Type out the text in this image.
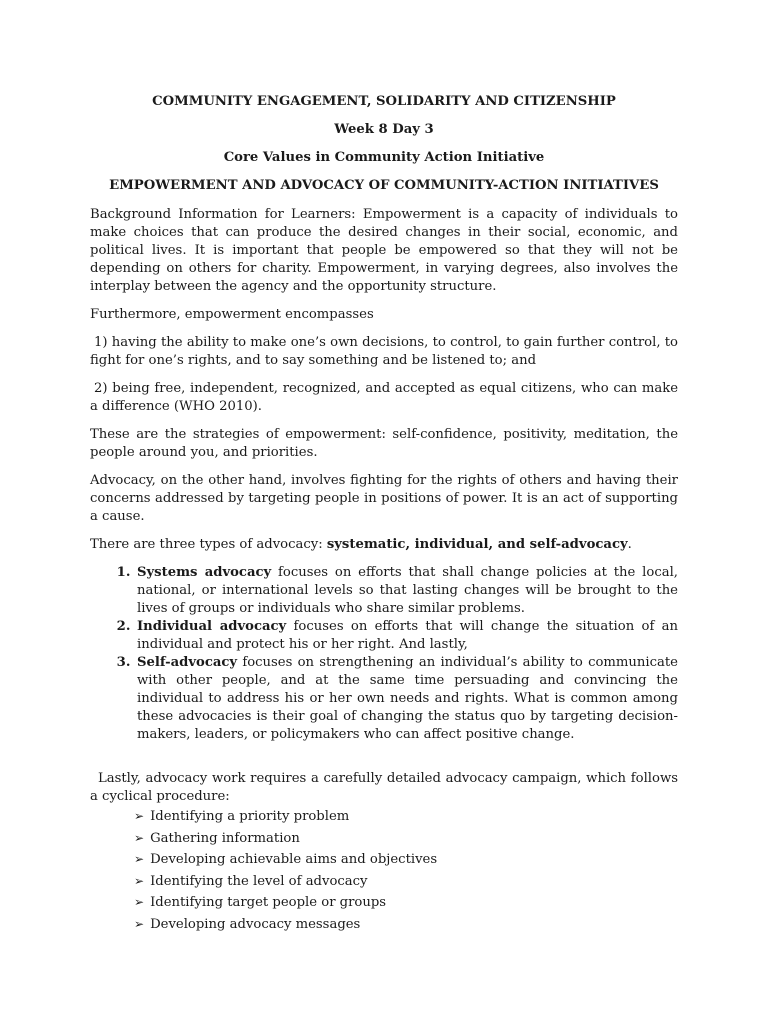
COMMUNITY ENGAGEMENT, SOLIDARITY AND CITIZENSHIP
Week 8 Day 3
Core Values in Community Action Initiative
EMPOWERMENT AND ADVOCACY OF COMMUNITY-ACTION INITIATIVES

Background Information for Learners: Empowerment is a capacity of individuals to make choices that can produce the desired changes in their social, economic, and political lives. It is important that people be empowered so that they will not be depending on others for charity. Empowerment, in varying degrees, also involves the interplay between the agency and the opportunity structure.

Furthermore, empowerment encompasses

1) having the ability to make one’s own decisions, to control, to gain further control, to fight for one’s rights, and to say something and be listened to; and

2) being free, independent, recognized, and accepted as equal citizens, who can make a difference (WHO 2010).

These are the strategies of empowerment: self-confidence, positivity, meditation, the people around you, and priorities.

Advocacy, on the other hand, involves fighting for the rights of others and having their concerns addressed by targeting people in positions of power. It is an act of supporting a cause.

There are three types of advocacy: systematic, individual, and self-advocacy.

1. Systems advocacy focuses on efforts that shall change policies at the local, national, or international levels so that lasting changes will be brought to the lives of groups or individuals who share similar problems.
2. Individual advocacy focuses on efforts that will change the situation of an individual and protect his or her right. And lastly,
3. Self-advocacy focuses on strengthening an individual’s ability to communicate with other people, and at the same time persuading and convincing the individual to address his or her own needs and rights. What is common among these advocacies is their goal of changing the status quo by targeting decision-makers, leaders, or policymakers who can affect positive change.

Lastly, advocacy work requires a carefully detailed advocacy campaign, which follows a cyclical procedure:

➢ Identifying a priority problem
➢ Gathering information
➢ Developing achievable aims and objectives
➢ Identifying the level of advocacy
➢ Identifying target people or groups
➢ Developing advocacy messages
